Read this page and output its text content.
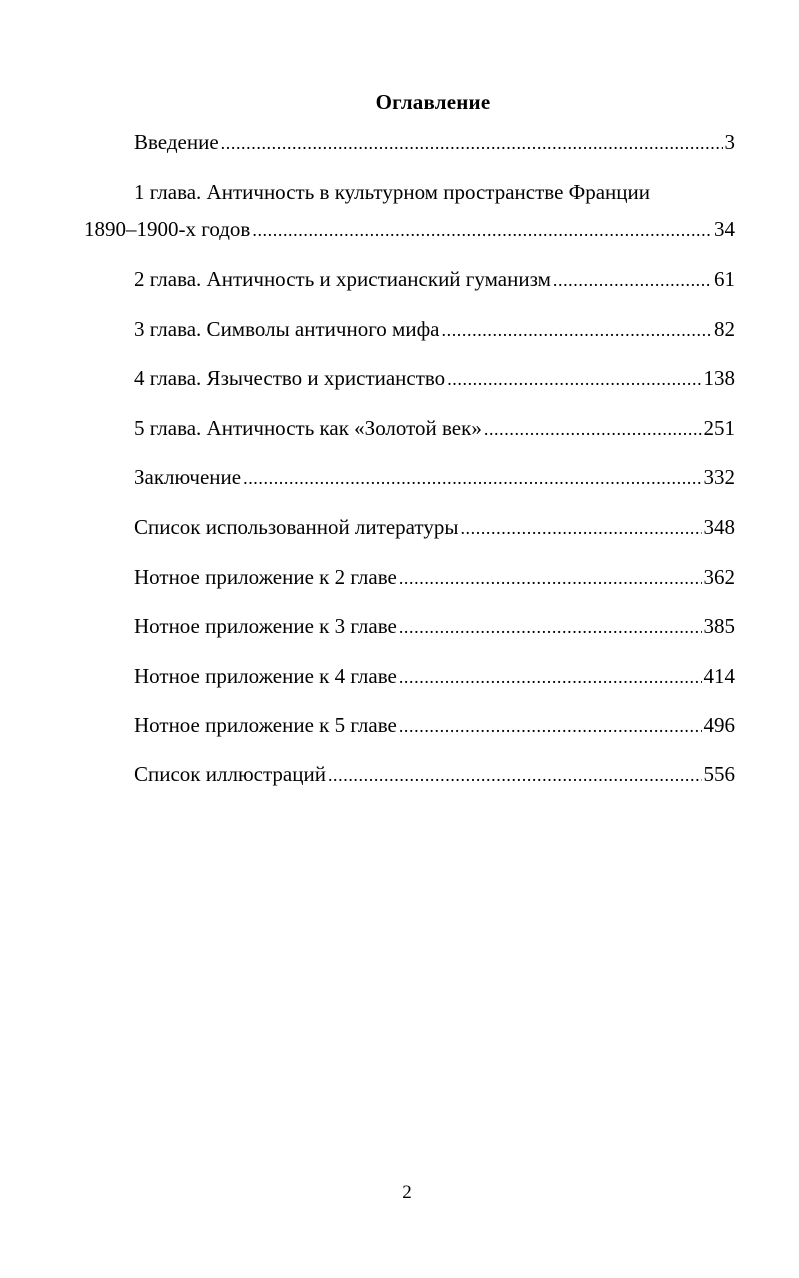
Оглавление
Введение .....	3
1 глава. Античность в культурном пространстве Франции
1890–1900-х годов .....	34
2 глава. Античность и христианский гуманизм .....	61
3 глава. Символы античного мифа .....	82
4 глава. Язычество и христианство .....	138
5 глава. Античность как «Золотой век» .....	251
Заключение .....	332
Список использованной литературы .....	348
Нотное приложение к 2 главе .....	362
Нотное приложение к 3 главе .....	385
Нотное приложение к 4 главе .....	414
Нотное приложение к 5 главе .....	496
Список иллюстраций .....	556
2
